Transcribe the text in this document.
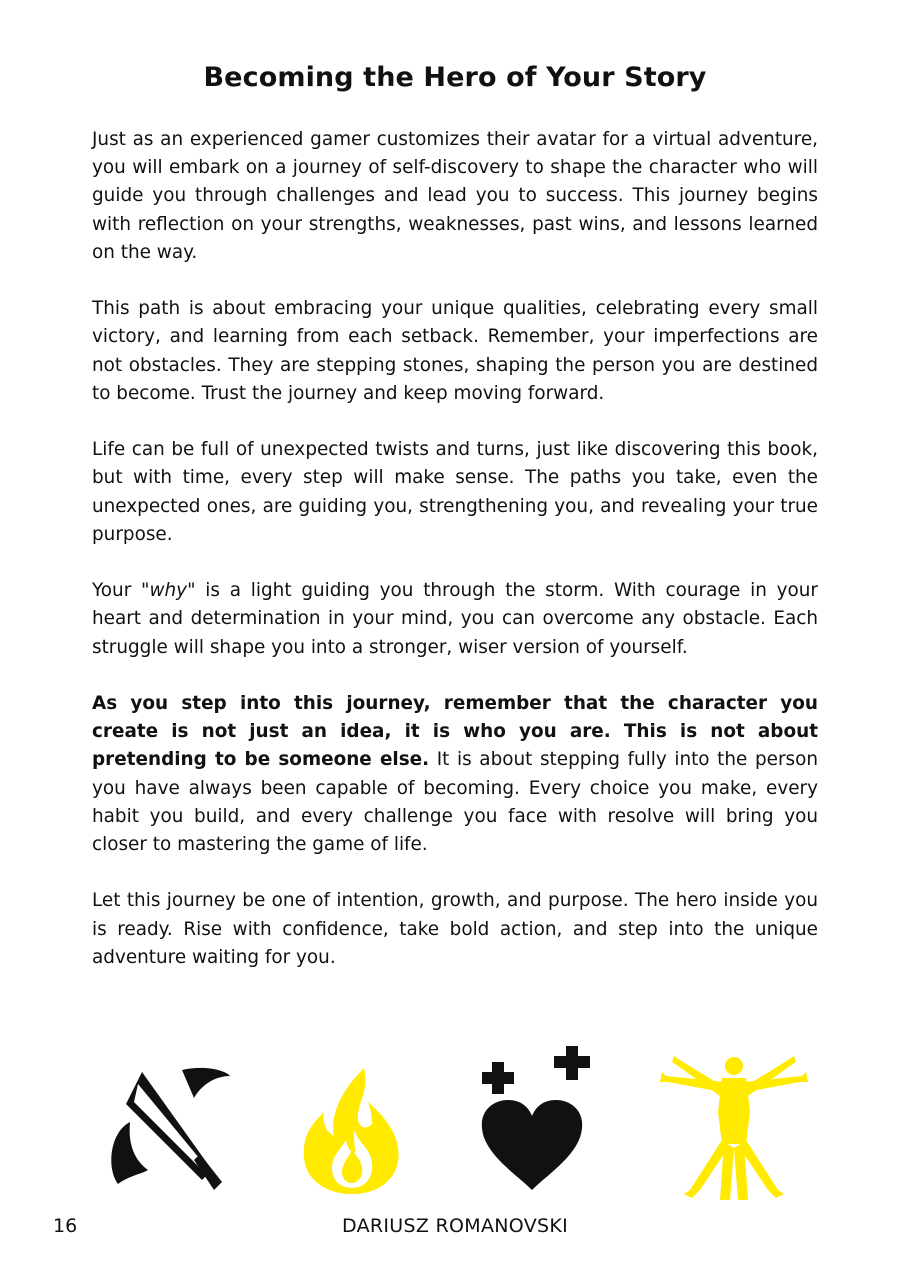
Becoming the Hero of Your Story

Just as an experienced gamer customizes their avatar for a virtual adventure, you will embark on a journey of self-discovery to shape the character who will guide you through challenges and lead you to success. This journey begins with reflection on your strengths, weaknesses, past wins, and lessons learned on the way.

This path is about embracing your unique qualities, celebrating every small victory, and learning from each setback. Remember, your imperfections are not obstacles. They are stepping stones, shaping the person you are destined to become. Trust the journey and keep moving forward.

Life can be full of unexpected twists and turns, just like discovering this book, but with time, every step will make sense. The paths you take, even the unexpected ones, are guiding you, strengthening you, and revealing your true purpose.

Your "why" is a light guiding you through the storm. With courage in your heart and determination in your mind, you can overcome any obstacle. Each struggle will shape you into a stronger, wiser version of yourself.

As you step into this journey, remember that the character you create is not just an idea, it is who you are. This is not about pretending to be someone else. It is about stepping fully into the person you have always been capable of becoming. Every choice you make, every habit you build, and every challenge you face with resolve will bring you closer to mastering the game of life.

Let this journey be one of intention, growth, and purpose. The hero inside you is ready. Rise with confidence, take bold action, and step into the unique adventure waiting for you.

16	DARIUSZ ROMANOVSKI
